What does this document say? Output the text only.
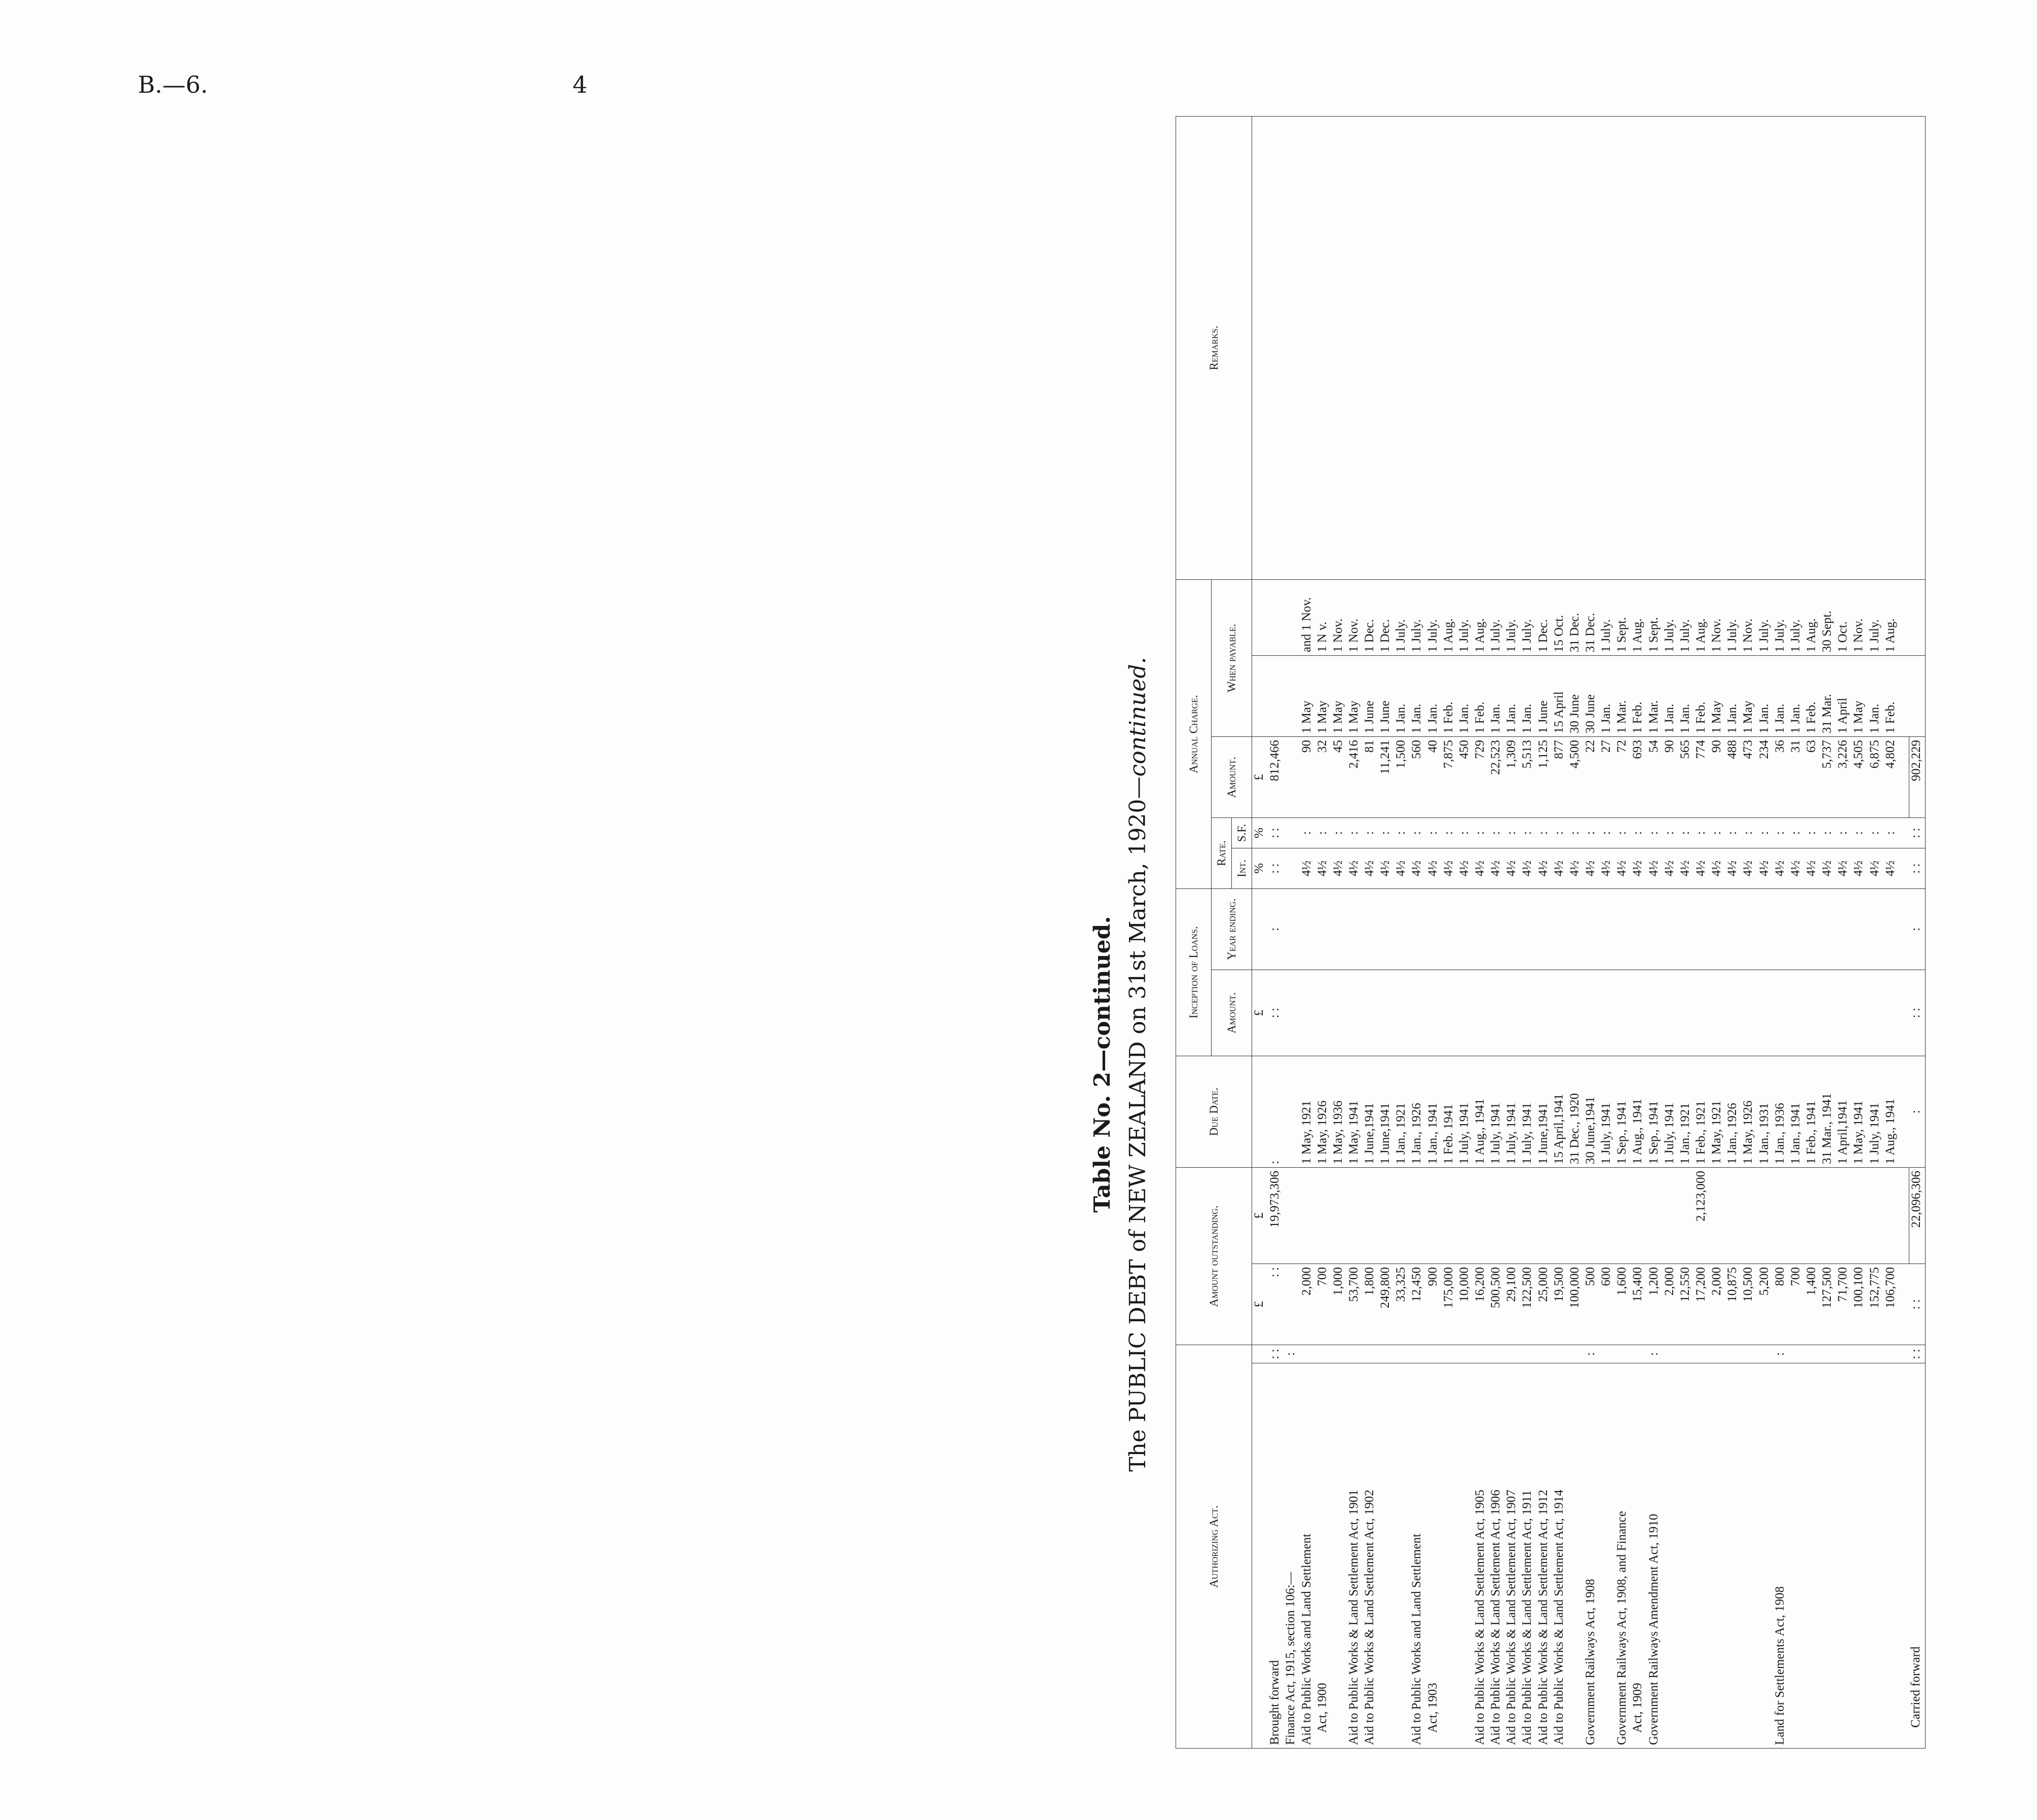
B.—6.	4
Table No. 2—continued. The PUBLIC DEBT of NEW ZEALAND on 31st March, 1920—continued.
Authorizing Act.		Amount outstanding.		Due Date.	Inception of Loans.		Annual Charge.					Remarks.
					Amount.	Year ending.	Rate.		Amount.	When payable.		
							Int.	S.F.				
		£	£		£		%	%	£			
Brought forward	: :	: :	19,973,306	:	: :	:	: :	: :	812,466			
Finance Act, 1915, section 106:—	:											
Aid to Public Works and Land Settlement		2,000		1 May, 1921			4½	:	90	1 May	and 1 Nov.	
Act, 1900		700		1 May, 1926			4½	:	32	1 May	1 N v.	
		1,000		1 May, 1936			4½	:	45	1 May	1 Nov.	
Aid to Public Works & Land Settlement Act, 1901		53,700		1 May, 1941			4½	:	2,416	1 May	1 Nov.	
Aid to Public Works & Land Settlement Act, 1902		1,800		1 June,1941			4½	:	81	1 June	1 Dec.	
		249,800		1 June,1941			4½	:	11,241	1 June	1 Dec.	
		33,325		1 Jan., 1921			4½	:	1,500	1 Jan.	1 July.	
Aid to Public Works and Land Settlement		12,450		1 Jan., 1926			4½	:	560	1 Jan.	1 July.	
Act, 1903		900		1 Jan., 1941			4½	:	40	1 Jan.	1 July.	
		175,000		1 Feb. 1941			4½	:	7,875	1 Feb.	1 Aug.	
		10,000		1 July, 1941			4½	:	450	1 Jan.	1 July.	
Aid to Public Works & Land Settlement Act, 1905		16,200		1 Aug., 1941			4½	:	729	1 Feb.	1 Aug.	
Aid to Public Works & Land Settlement Act, 1906		500,500		1 July, 1941			4½	:	22,523	1 Jan.	1 July.	
Aid to Public Works & Land Settlement Act, 1907		29,100		1 July, 1941			4½	:	1,309	1 Jan.	1 July.	
Aid to Public Works & Land Settlement Act, 1911		122,500		1 July, 1941			4½	:	5,513	1 Jan.	1 July.	
Aid to Public Works & Land Settlement Act, 1912		25,000		1 June,1941			4½	:	1,125	1 June	1 Dec.	
Aid to Public Works & Land Settlement Act, 1914		19,500		15 April,1941			4½	:	877	15 April	15 Oct.	
		100,000		31 Dec., 1920			4½	:	4,500	30 June	31 Dec.	
Government Railways Act, 1908	:	500		30 June,1941			4½	:	22	30 June	31 Dec.	
		600		1 July, 1941			4½	:	27	1 Jan.	1 July.	
Government Railways Act, 1908, and Finance		1,600		1 Sep., 1941			4½	:	72	1 Mar.	1 Sept.	
Act, 1909		15,400		1 Aug., 1941			4½	:	693	1 Feb.	1 Aug.	
Government Railways Amendment Act, 1910	:	1,200		1 Sep., 1941			4½	:	54	1 Mar.	1 Sept.	
		2,000		1 July, 1941			4½	:	90	1 Jan.	1 July.	
		12,550		1 Jan., 1921			4½	:	565	1 Jan.	1 July.	
		17,200	2,123,000	1 Feb., 1921			4½	:	774	1 Feb.	1 Aug.	
		2,000		1 May, 1921			4½	:	90	1 May	1 Nov.	
		10,875		1 Jan., 1926			4½	:	488	1 Jan.	1 July.	
		10,500		1 May, 1926			4½	:	473	1 May	1 Nov.	
		5,200		1 Jan., 1931			4½	:	234	1 Jan.	1 July.	
Land for Settlements Act, 1908	:	800		1 Jan., 1936			4½	:	36	1 Jan.	1 July.	
		700		1 Jan., 1941			4½	:	31	1 Jan.	1 July.	
		1,400		1 Feb., 1941			4½	:	63	1 Feb.	1 Aug.	
		127,500		31 Mar., 1941			4½	:	5,737	31 Mar.	30 Sept.	
		71,700		1 April,1941			4½	:	3,226	1 April	1 Oct.	
		100,100		1 May, 1941			4½	:	4,505	1 May	1 Nov.	
		152,775		1 July, 1941			4½	:	6,875	1 Jan.	1 July.	
		106,700		1 Aug., 1941			4½	:	4,802	1 Feb.	1 Aug.	

Carried forward	: :	: :	22,096,306	:	: :	:	: :	: :	902,229			
